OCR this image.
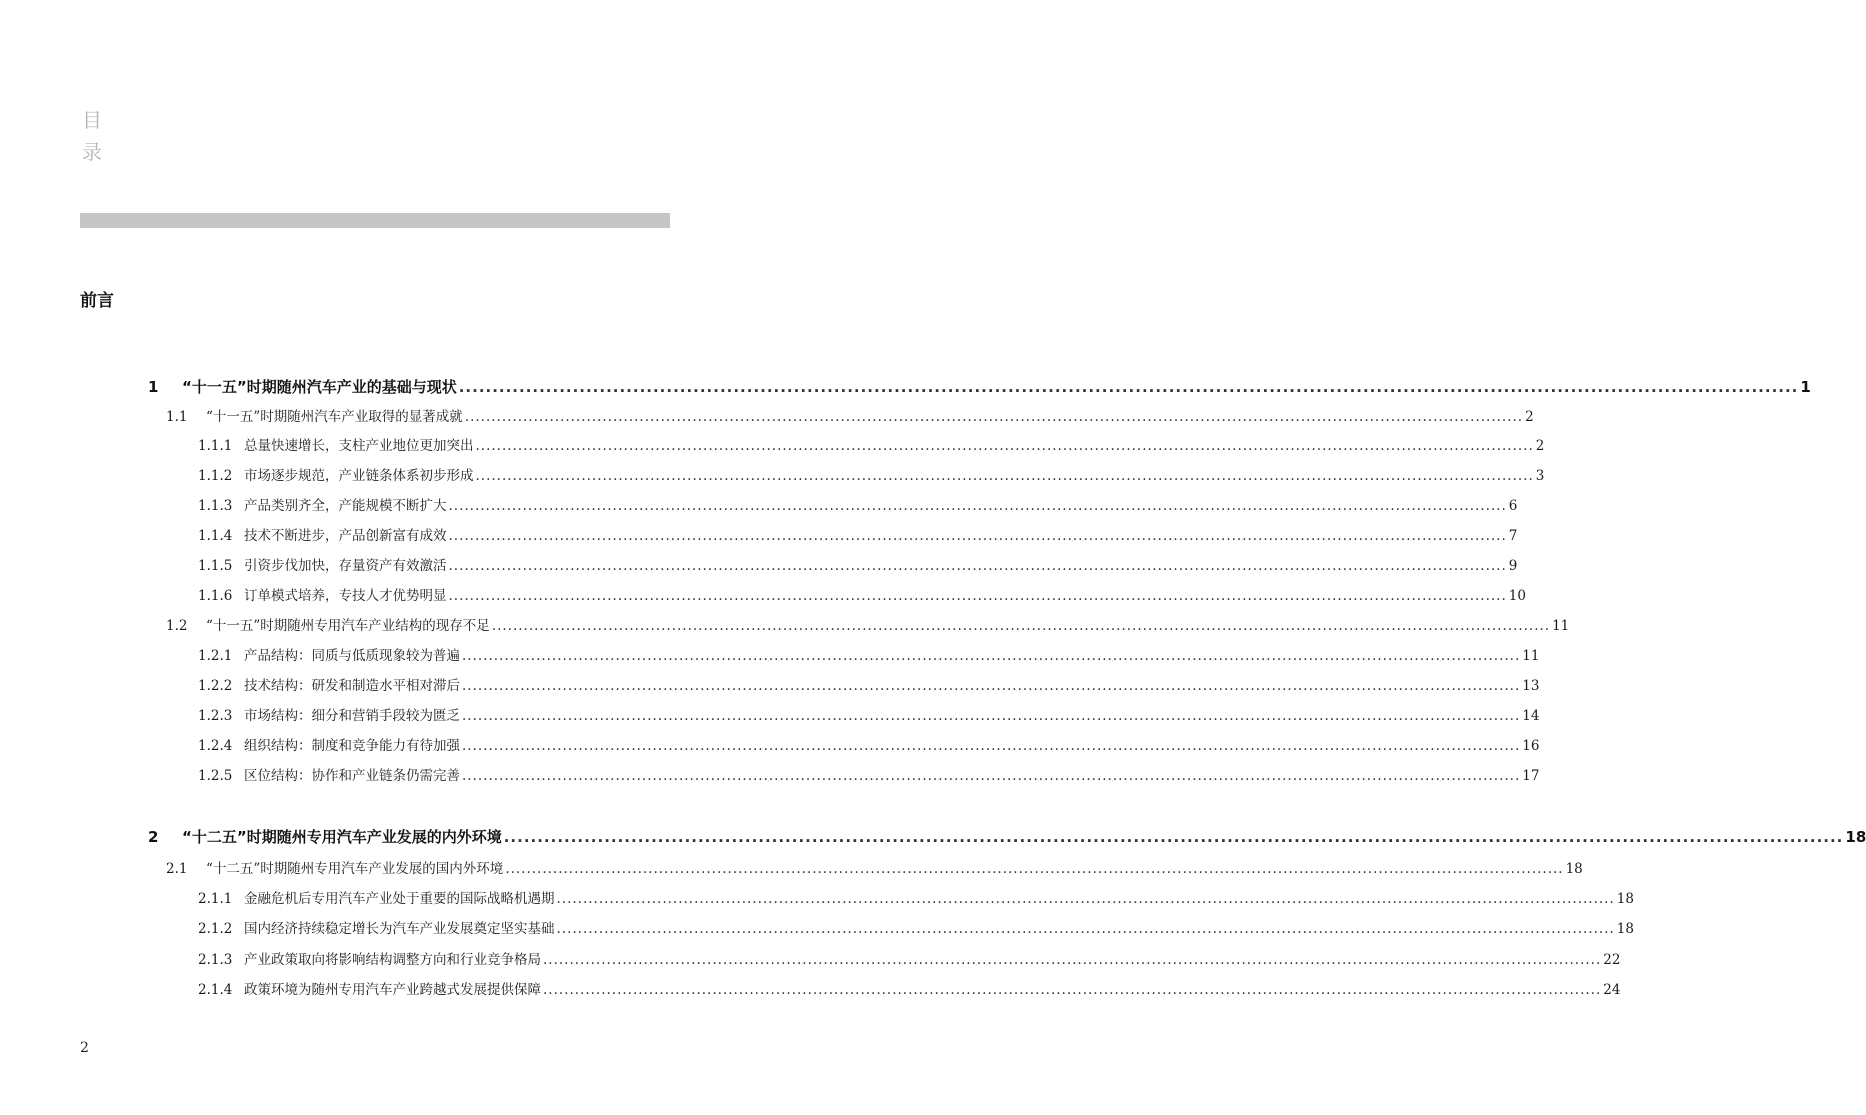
目
录
前言
1	“十一五”时期随州汽车产业的基础与现状 ........................................................................................................................................................................................................ 1
1.1	“十一五”时期随州汽车产业取得的显著成就 ........................................................................................................................................................................................................ 2
1.1.1 总量快速增长，支柱产业地位更加突出 ........................................................................................................................................................................................................ 2
1.1.2 市场逐步规范，产业链条体系初步形成 ........................................................................................................................................................................................................ 3
1.1.3 产品类别齐全，产能规模不断扩大 ........................................................................................................................................................................................................ 6
1.1.4 技术不断进步，产品创新富有成效 ........................................................................................................................................................................................................ 7
1.1.5 引资步伐加快，存量资产有效激活 ........................................................................................................................................................................................................ 9
1.1.6 订单模式培养，专技人才优势明显 ........................................................................................................................................................................................................ 10
1.2	“十一五”时期随州专用汽车产业结构的现存不足 ........................................................................................................................................................................................................ 11
1.2.1 产品结构：同质与低质现象较为普遍 ........................................................................................................................................................................................................ 11
1.2.2 技术结构：研发和制造水平相对滞后 ........................................................................................................................................................................................................ 13
1.2.3 市场结构：细分和营销手段较为匮乏 ........................................................................................................................................................................................................ 14
1.2.4 组织结构：制度和竞争能力有待加强 ........................................................................................................................................................................................................ 16
1.2.5 区位结构：协作和产业链条仍需完善 ........................................................................................................................................................................................................ 17
2	“十二五”时期随州专用汽车产业发展的内外环境 ........................................................................................................................................................................................................ 18
2.1	“十二五”时期随州专用汽车产业发展的国内外环境 ........................................................................................................................................................................................................ 18
2.1.1 金融危机后专用汽车产业处于重要的国际战略机遇期 ........................................................................................................................................................................................................ 18
2.1.2 国内经济持续稳定增长为汽车产业发展奠定坚实基础 ........................................................................................................................................................................................................ 18
2.1.3 产业政策取向将影响结构调整方向和行业竞争格局 ........................................................................................................................................................................................................ 22
2.1.4 政策环境为随州专用汽车产业跨越式发展提供保障 ........................................................................................................................................................................................................ 24
2
